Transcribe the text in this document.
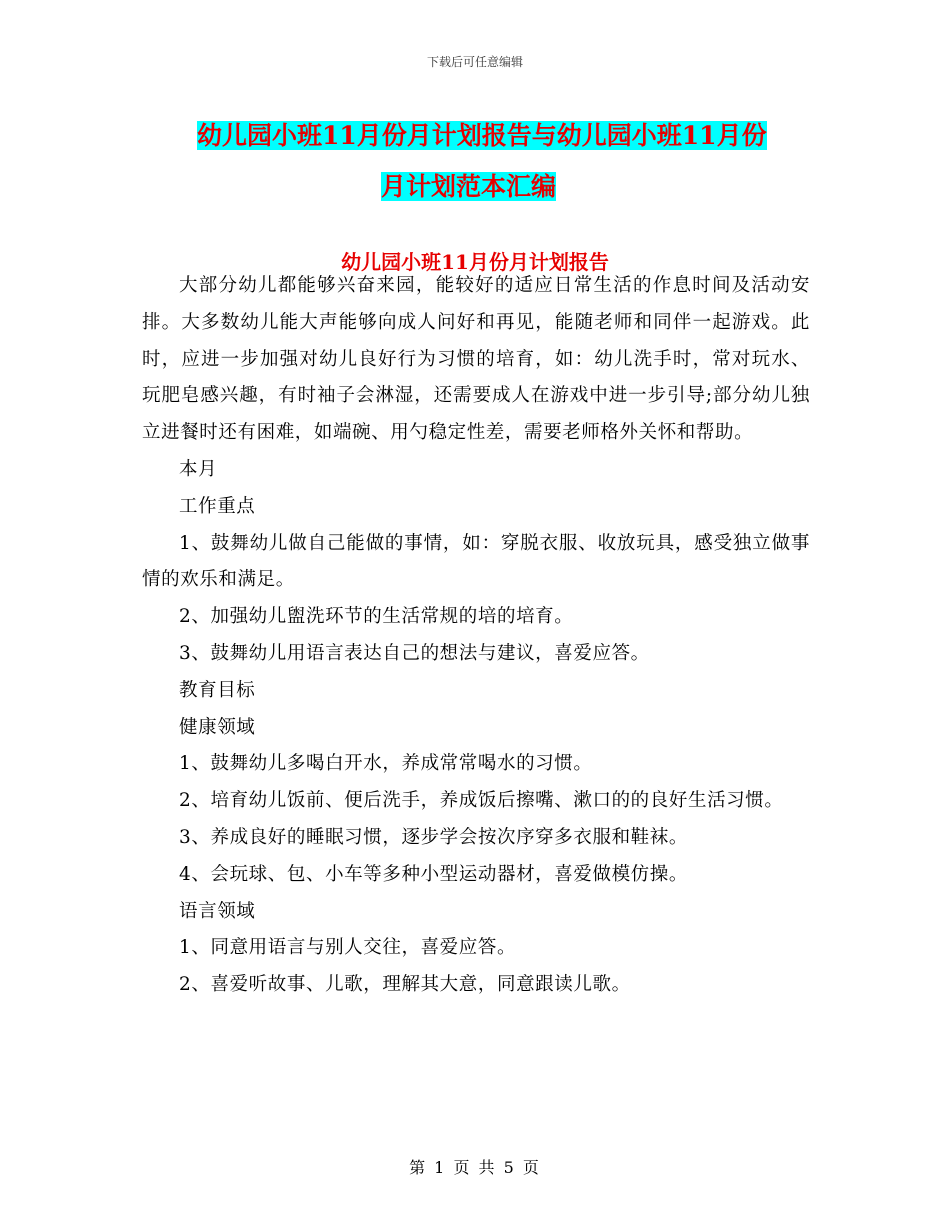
下载后可任意编辑
幼儿园小班11月份月计划报告与幼儿园小班11月份
月计划范本汇编
幼儿园小班11月份月计划报告

大部分幼儿都能够兴奋来园，能较好的适应日常生活的作息时间及活动安排。大多数幼儿能大声能够向成人问好和再见，能随老师和同伴一起游戏。此时，应进一步加强对幼儿良好行为习惯的培育，如：幼儿洗手时，常对玩水、玩肥皂感兴趣，有时袖子会淋湿，还需要成人在游戏中进一步引导;部分幼儿独立进餐时还有困难，如端碗、用勺稳定性差，需要老师格外关怀和帮助。

本月

工作重点

1、鼓舞幼儿做自己能做的事情，如：穿脱衣服、收放玩具，感受独立做事情的欢乐和满足。

2、加强幼儿盥洗环节的生活常规的培的培育。

3、鼓舞幼儿用语言表达自己的想法与建议，喜爱应答。

教育目标

健康领域

1、鼓舞幼儿多喝白开水，养成常常喝水的习惯。

2、培育幼儿饭前、便后洗手，养成饭后擦嘴、漱口的的良好生活习惯。

3、养成良好的睡眠习惯，逐步学会按次序穿多衣服和鞋袜。

4、会玩球、包、小车等多种小型运动器材，喜爱做模仿操。

语言领域

1、同意用语言与别人交往，喜爱应答。

2、喜爱听故事、儿歌，理解其大意，同意跟读儿歌。

第 1 页 共 5 页
